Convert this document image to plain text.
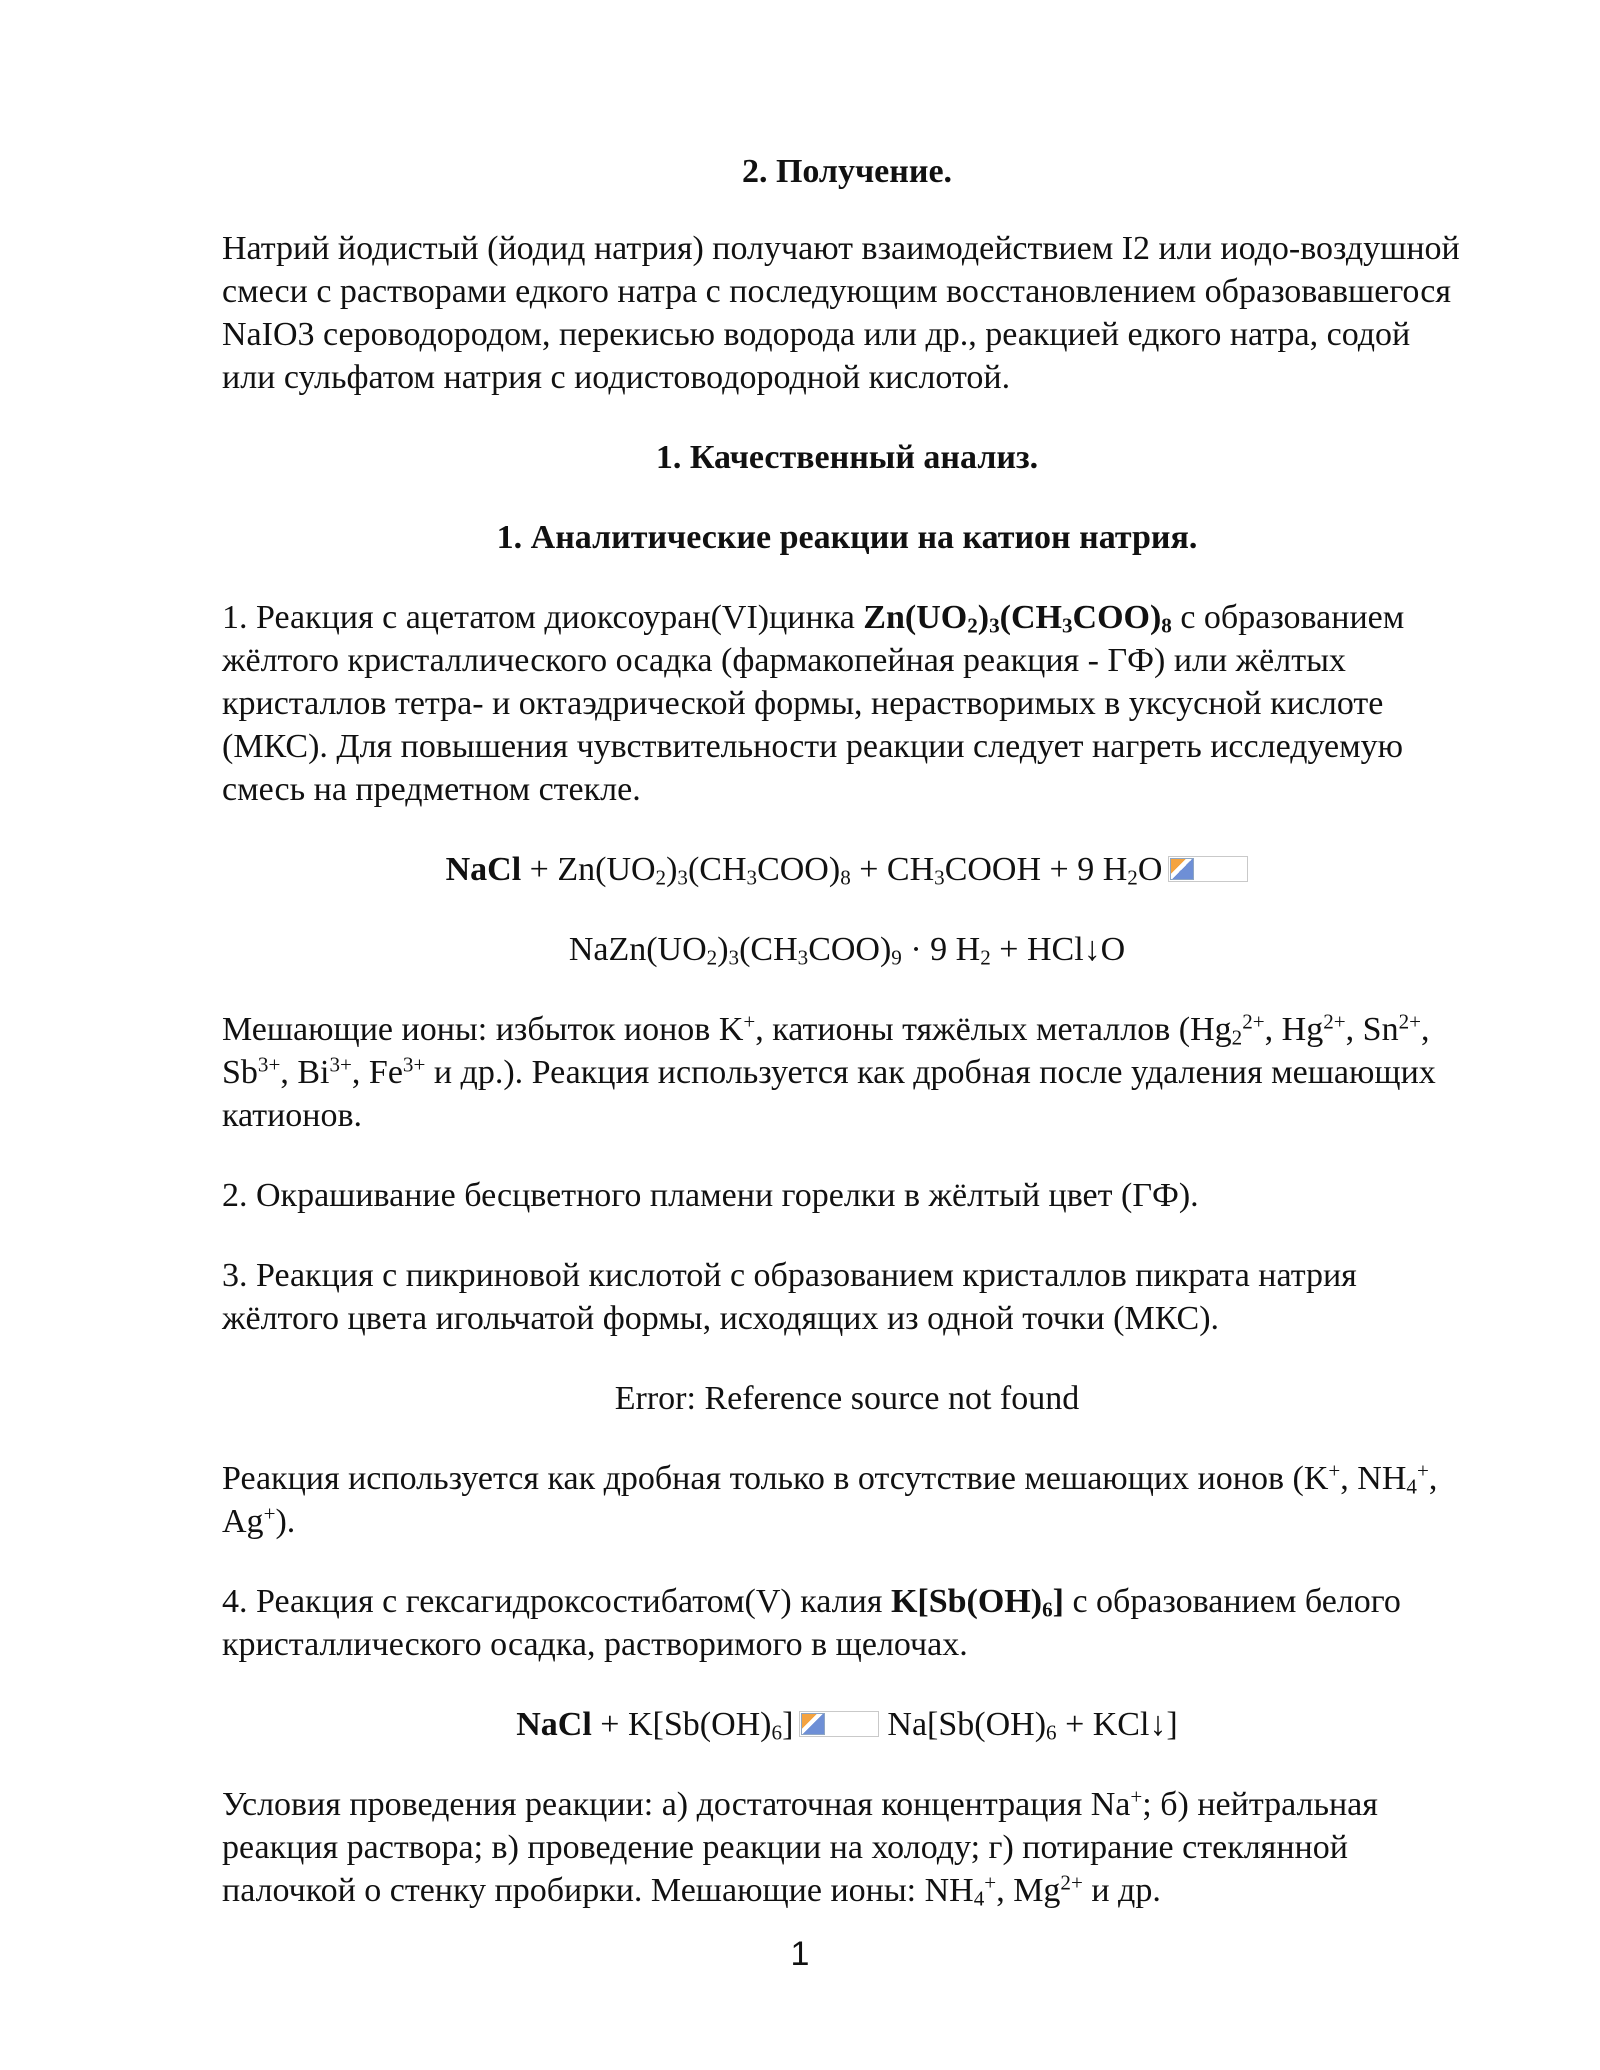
2. Получение.

Натрий йодистый (йодид натрия) получают взаимодействием I2 или иодо-воздушной смеси с растворами едкого натра с последующим восстановлением образовавшегося NaIO3 сероводородом, перекисью водорода или др., реакцией едкого натра, содой или сульфатом натрия с иодистоводородной кислотой.

1. Качественный анализ.

1. Аналитические реакции на катион натрия.

1. Реакция с ацетатом диоксоуран(VI)цинка $Zn(UO_2)_3(CH_3COO)_8$ с образованием жёлтого кристаллического осадка (фармакопейная реакция - ГФ) или жёлтых кристаллов тетра- и октаэдрической формы, нерастворимых в уксусной кислоте (МКС). Для повышения чувствительности реакции следует нагреть исследуемую смесь на предметном стекле.

NaCl + $Zn(UO_2)_3(CH_3COO)_8$ + $CH_3COOH + 9$ $H_2O$

$NaZn(UO_2)_3(CH_3COO)_9 \cdot 9$ $H_2$ + HCl↓O

Мешающие ионы: избыток ионов K+, катионы тяжёлых металлов ($Hg_2^{2+}$, $Hg^{2+}$, $Sn^{2+}$, $Sb^{3+}$, $Bi^{3+}$, $Fe^{3+}$ и др.). Реакция используется как дробная после удаления мешающих катионов.

2. Окрашивание бесцветного пламени горелки в жёлтый цвет (ГФ).

3. Реакция с пикриновой кислотой с образованием кристаллов пикрата натрия жёлтого цвета игольчатой формы, исходящих из одной точки (МКС).

Error: Reference source not found

Реакция используется как дробная только в отсутствие мешающих ионов (K+, $NH_4^+$, Ag+).

4. Реакция с гексагидроксостибатом(V) калия $K[Sb(OH)_6]$ с образованием белого кристаллического осадка, растворимого в щелочах.

NaCl + $K[Sb(OH)_6]$	$Na[Sb(OH)_6$ + KCl↓]

Условия проведения реакции: а) достаточная концентрация Na+; б) нейтральная реакция раствора; в) проведение реакции на холоду; г) потирание стеклянной палочкой о стенку пробирки. Мешающие ионы: $NH_4^+$, $Mg^{2+}$ и др.

1
